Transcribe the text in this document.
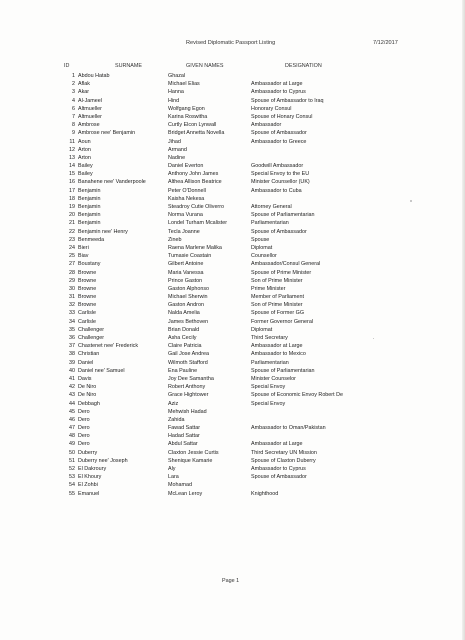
Revised Diplomatic Passport Listing	7/12/2017
ID	SURNAME	GIVEN NAMES	DESIGNATION
1 Abdou Hatab	Ghazal
2 Aflak	Michael Elias	Ambassador at Large
3 Akar	Hanna	Ambassador to Cyprus
4 Al-Jameel	Hind	Spouse of Ambassador to Iraq
6 Altmueller	Wolfgang Egon	Honorary Consul
7 Altmueller	Karina Roswitha	Spouse of Honary Consul
8 Ambrose	Curtly Elcon Lynwall	Ambassador
9 Ambrose nee' Benjamin	Bridget Annetta Novella	Spouse of Ambassador
11 Aoun	Jihad	Ambassador to Greece
12 Arton	Armand
13 Arton	Nadine
14 Bailey	Daniel Everton	Goodwill Ambassador
15 Bailey	Anthony John James	Special Envoy to the EU
16 Banahene nee' Vanderpoole	Althea Allison Beatrice	Minister Counsellor (UK)
17 Benjamin	Peter O'Donnell	Ambassador to Cuba
18 Benjamin	Kaisha Nekesa
19 Benjamin	Steadroy Cutie Oliverro	Attorney General
20 Benjamin	Norma Vurana	Spouse of Parliamentarian
21 Benjamin	Londel Turham Mcalister	Parliamentarian
22 Benjamin nee' Henry	Tecla Joanne	Spouse of Ambassador
23 Benmeeda	Zineb	Spouse
24 Bieri	Raena Marlene Malika	Diplomat
25 Biav	Tumasie Coastain	Counsellor
27 Boustany	Gilbert Antoine	Ambassador/Consul General
28 Browne	Maria Vanessa	Spouse of Prime Minister
29 Browne	Prince Gaston	Son of Prime Minister
30 Browne	Gaston Alphonso	Prime Minister
31 Browne	Michael Sherwin	Member of Parliament
32 Browne	Gaston Andron	Son of Prime Minister
33 Carlisle	Nalda Amelia	Spouse of Former GG
34 Carlisle	James Bethoven	Former Governor General
35 Challenger	Brian Donald	Diplomat
36 Challenger	Asha Cecily	Third Secretary
37 Chastenet nee' Frederick	Claire Patricia	Ambassador at Large
38 Christian	Gail Jose Andrea	Ambassador to Mexico
39 Daniel	Wilmoth Stafford	Parliamentarian
40 Daniel nee' Samuel	Ena Pauline	Spouse of Parliamentarian
41 Davis	Joy Dee Samantha	Minister Counselor
42 De Niro	Robert Anthony	Special Envoy
43 De Niro	Grace Hightower	Spouse of Economic Envoy Robert De
44 Debbagh	Aziz	Special Envoy
45 Dero	Mehwish Hadad
46 Dero	Zahida
47 Dero	Fawad Sattar	Ambassador to Oman/Pakistan
48 Dero	Hadad Sattar
49 Dero	Abdul Sattar	Ambassador at Large
50 Duberry	Claxton Jessie Curtis	Third Secretary UN Mission
51 Duberry nee' Joseph	Shenique Kamarie	Spouse of Claxton Duberry
52 El Dakroury	Aly	Ambassador to Cyprus
53 El Khoury	Lara	Spouse of Ambassador
54 El Zohbi	Mohamad
55 Emanuel	McLean Leroy	Knighthood
Page 1
